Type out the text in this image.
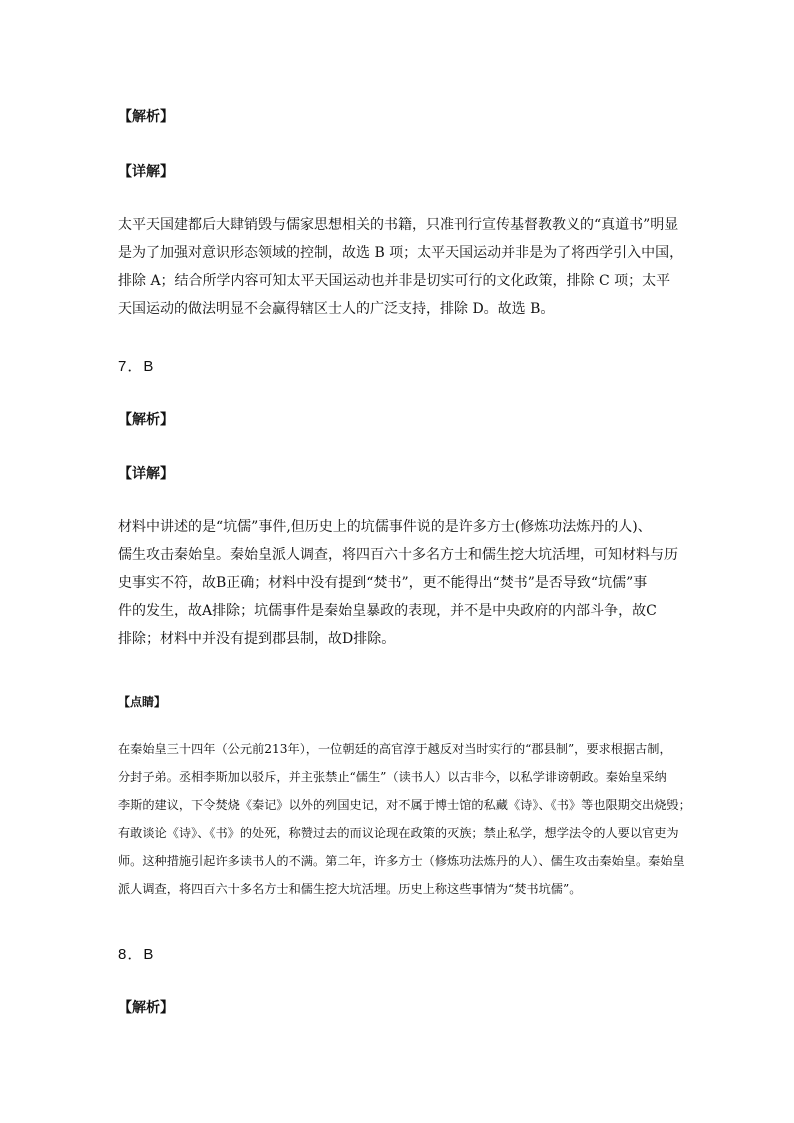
【解析】
【详解】
太平天国建都后大肆销毁与儒家思想相关的书籍，只准刊行宣传基督教教义的“真道书”明显
是为了加强对意识形态领域的控制，故选 B 项；太平天国运动并非是为了将西学引入中国，
排除 A；结合所学内容可知太平天国运动也并非是切实可行的文化政策，排除 C 项；太平
天国运动的做法明显不会赢得辖区士人的广泛支持，排除 D。故选 B。
7．B
【解析】
【详解】
材料中讲述的是“坑儒”事件,但历史上的坑儒事件说的是许多方士(修炼功法炼丹的人)、
儒生攻击秦始皇。秦始皇派人调查，将四百六十多名方士和儒生挖大坑活埋，可知材料与历
史事实不符，故B正确；材料中没有提到“焚书”，更不能得出“焚书”是否导致“坑儒”事
件的发生，故A排除；坑儒事件是秦始皇暴政的表现，并不是中央政府的内部斗争，故C
排除；材料中并没有提到郡县制，故D排除。
【点睛】
在秦始皇三十四年（公元前213年），一位朝廷的高官淳于越反对当时实行的“郡县制”，要求根据古制，
分封子弟。丞相李斯加以驳斥，并主张禁止“儒生”（读书人）以古非今，以私学诽谤朝政。秦始皇采纳
李斯的建议，下令焚烧《秦记》以外的列国史记，对不属于博士馆的私藏《诗》、《书》等也限期交出烧毁；
有敢谈论《诗》、《书》的处死，称赞过去的而议论现在政策的灭族；禁止私学，想学法令的人要以官吏为
师。这种措施引起许多读书人的不满。第二年，许多方士（修炼功法炼丹的人）、儒生攻击秦始皇。秦始皇
派人调查，将四百六十多名方士和儒生挖大坑活埋。历史上称这些事情为“焚书坑儒”。
8．B
【解析】
